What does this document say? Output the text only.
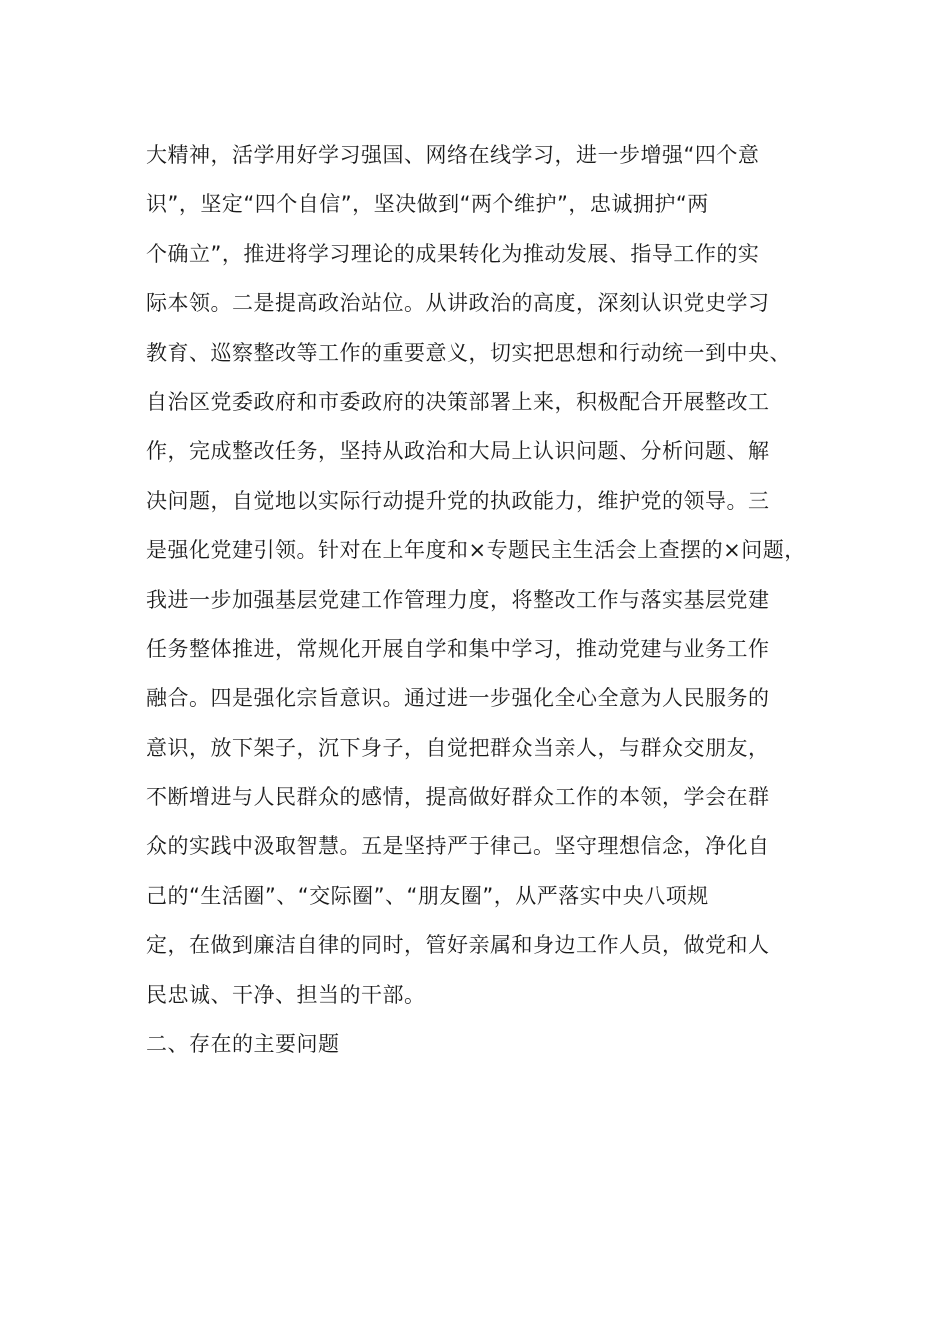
大精神，活学用好学习强国、网络在线学习，进一步增强“四个意
识”，坚定“四个自信”，坚决做到“两个维护”，忠诚拥护“两
个确立”，推进将学习理论的成果转化为推动发展、指导工作的实
际本领。二是提高政治站位。从讲政治的高度，深刻认识党史学习
教育、巡察整改等工作的重要意义，切实把思想和行动统一到中央、
自治区党委政府和市委政府的决策部署上来，积极配合开展整改工
作，完成整改任务，坚持从政治和大局上认识问题、分析问题、解
决问题，自觉地以实际行动提升党的执政能力，维护党的领导。三
是强化党建引领。针对在上年度和×专题民主生活会上查摆的×问题，
我进一步加强基层党建工作管理力度，将整改工作与落实基层党建
任务整体推进，常规化开展自学和集中学习，推动党建与业务工作
融合。四是强化宗旨意识。通过进一步强化全心全意为人民服务的
意识，放下架子，沉下身子，自觉把群众当亲人，与群众交朋友，
不断增进与人民群众的感情，提高做好群众工作的本领，学会在群
众的实践中汲取智慧。五是坚持严于律己。坚守理想信念，净化自
己的“生活圈”、“交际圈”、“朋友圈”，从严落实中央八项规
定，在做到廉洁自律的同时，管好亲属和身边工作人员，做党和人
民忠诚、干净、担当的干部。
二、存在的主要问题
